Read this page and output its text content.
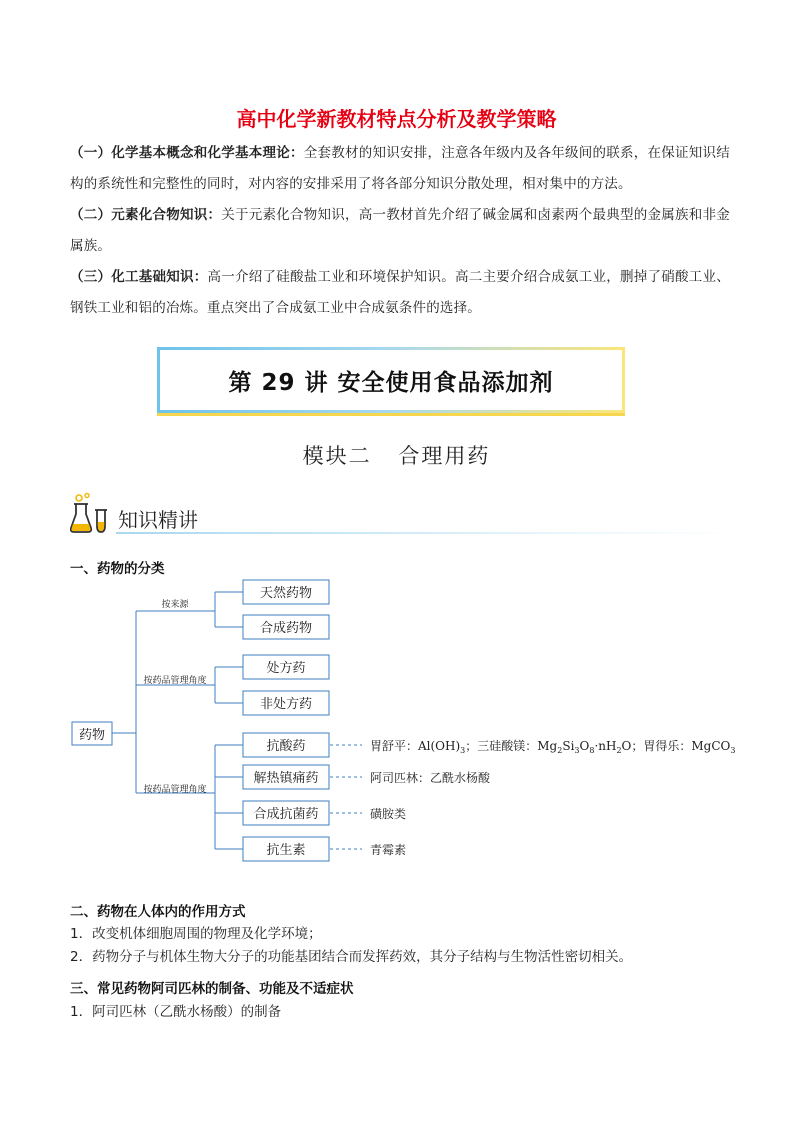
高中化学新教材特点分析及教学策略
（一）化学基本概念和化学基本理论：全套教材的知识安排，注意各年级内及各年级间的联系，在保证知识结构的系统性和完整性的同时，对内容的安排采用了将各部分知识分散处理，相对集中的方法。
（二）元素化合物知识：关于元素化合物知识，高一教材首先介绍了碱金属和卤素两个最典型的金属族和非金属族。
（三）化工基础知识：高一介绍了硅酸盐工业和环境保护知识。高二主要介绍合成氨工业，删掉了硝酸工业、钢铁工业和铝的冶炼。重点突出了合成氨工业中合成氨条件的选择。
第 29 讲 安全使用食品添加剂
模块二 合理用药
知识精讲
一、药物的分类
药物
天然药物
合成药物
处方药
非处方药
抗酸药
解热镇痛药
合成抗菌药
抗生素
按来源
按药品管理角度
按药品管理角度
胃舒平：$Al(OH)_3$；三硅酸镁：$Mg_2Si_3O_8\cdot nH_2O$；胃得乐：MgCO$_3$
阿司匹林：乙酰水杨酸
磺胺类
青霉素
二、药物在人体内的作用方式
1．改变机体细胞周围的物理及化学环境；
2．药物分子与机体生物大分子的功能基团结合而发挥药效，其分子结构与生物活性密切相关。
三、常见药物阿司匹林的制备、功能及不适症状
1．阿司匹林（乙酰水杨酸）的制备
